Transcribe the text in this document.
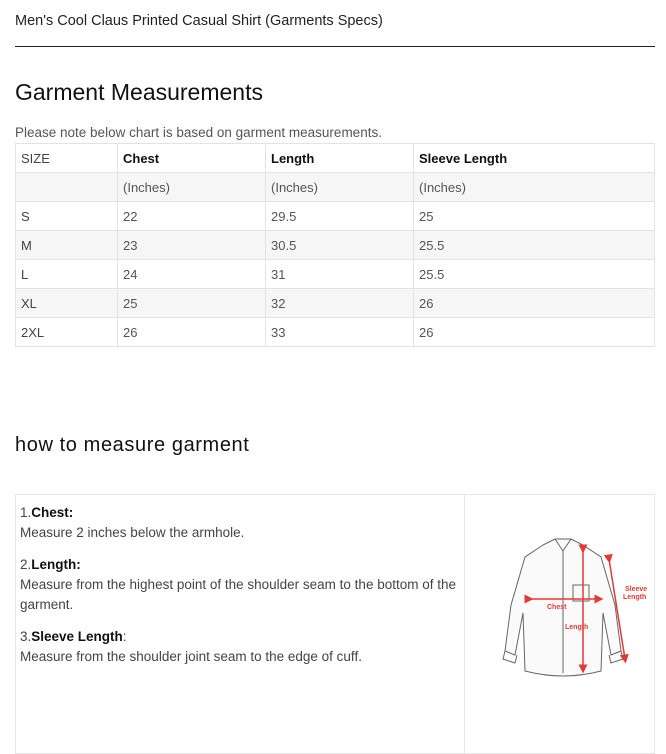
Men's Cool Claus Printed Casual Shirt (Garments Specs)
Garment Measurements
Please note below chart is based on garment measurements.
SIZE	Chest	Length	Sleeve Length
	(Inches)	(Inches)	(Inches)
S	22	29.5	25
M	23	30.5	25.5
L	24	31	25.5
XL	25	32	26
2XL	26	33	26
how to measure garment
1.Chest:
Measure 2 inches below the armhole.
2.Length:
Measure from the highest point of the shoulder seam to the bottom of the garment.
3.Sleeve Length:
Measure from the shoulder joint seam to the edge of cuff.
Chest
Length
Sleeve
Length
